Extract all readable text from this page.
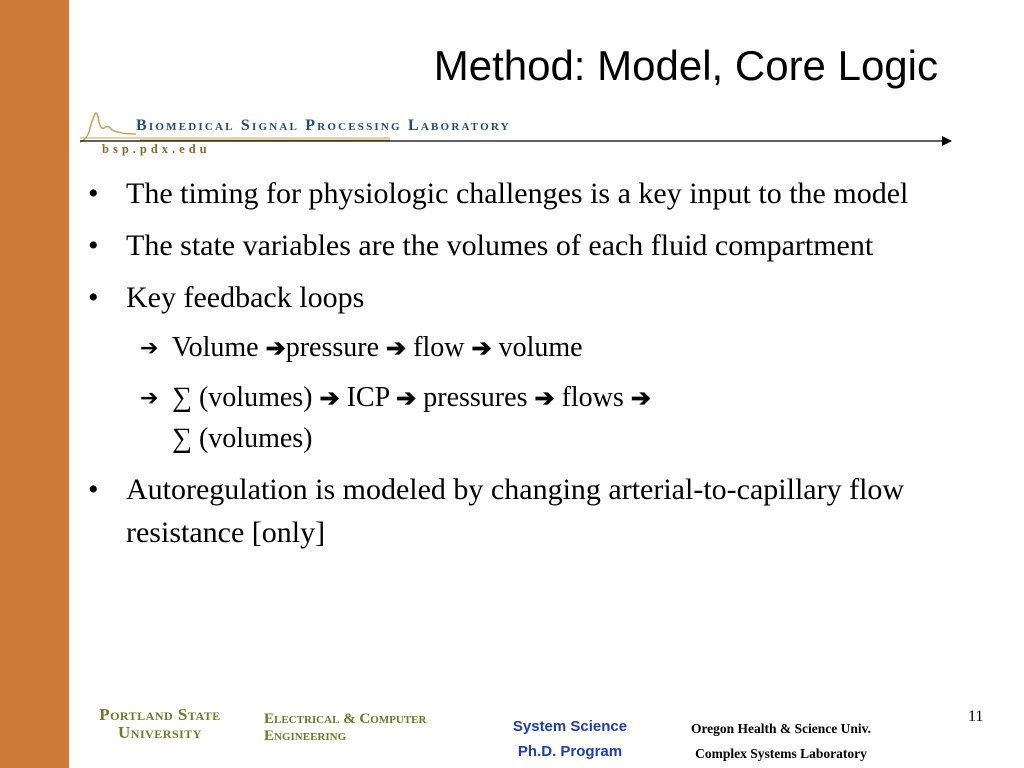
Method: Model, Core Logic
Biomedical Signal Processing Laboratory
bsp.pdx.edu
• The timing for physiologic challenges is a key input to the model
• The state variables are the volumes of each fluid compartment
• Key feedback loops
➔ Volume ➔pressure ➔ flow ➔ volume
➔ ∑ (volumes) ➔ ICP ➔ pressures ➔ flows ➔
∑ (volumes)
• Autoregulation is modeled by changing arterial-to-capillary flow resistance [only]
11
Portland State
University
Electrical & Computer
Engineering
System Science
Ph.D. Program
Oregon Health & Science Univ.
Complex Systems Laboratory
